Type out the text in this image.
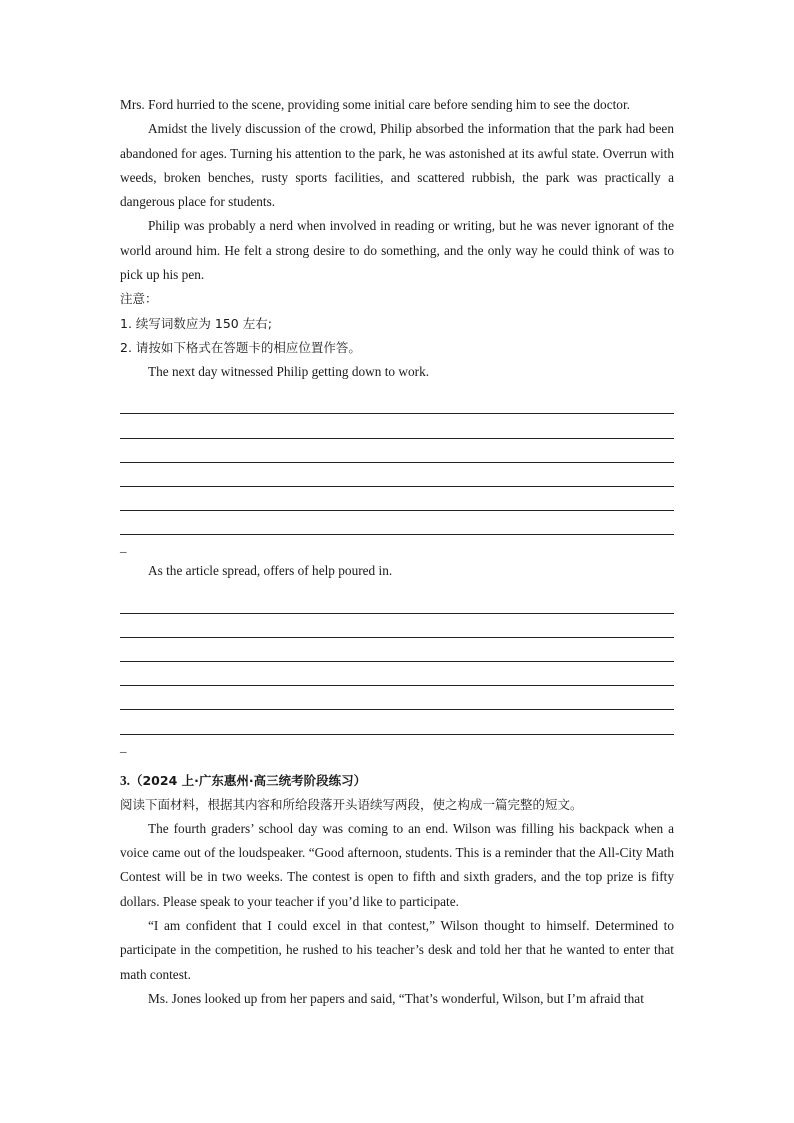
Mrs. Ford hurried to the scene, providing some initial care before sending him to see the doctor.

Amidst the lively discussion of the crowd, Philip absorbed the information that the park had been abandoned for ages. Turning his attention to the park, he was astonished at its awful state. Overrun with weeds, broken benches, rusty sports facilities, and scattered rubbish, the park was practically a dangerous place for students.

Philip was probably a nerd when involved in reading or writing, but he was never ignorant of the world around him. He felt a strong desire to do something, and the only way he could think of was to pick up his pen.

注意：

1. 续写词数应为 150 左右;

2. 请按如下格式在答题卡的相应位置作答。

The next day witnessed Philip getting down to work.
_
As the article spread, offers of help poured in.
_
3.（2024 上·广东惠州·高三统考阶段练习）

阅读下面材料，根据其内容和所给段落开头语续写两段，使之构成一篇完整的短文。

The fourth graders’ school day was coming to an end. Wilson was filling his backpack when a voice came out of the loudspeaker. “Good afternoon, students. This is a reminder that the All-City Math Contest will be in two weeks. The contest is open to fifth and sixth graders, and the top prize is fifty dollars. Please speak to your teacher if you’d like to participate.

“I am confident that I could excel in that contest,” Wilson thought to himself. Determined to participate in the competition, he rushed to his teacher’s desk and told her that he wanted to enter that math contest.

Ms. Jones looked up from her papers and said, “That’s wonderful, Wilson, but I’m afraid that
